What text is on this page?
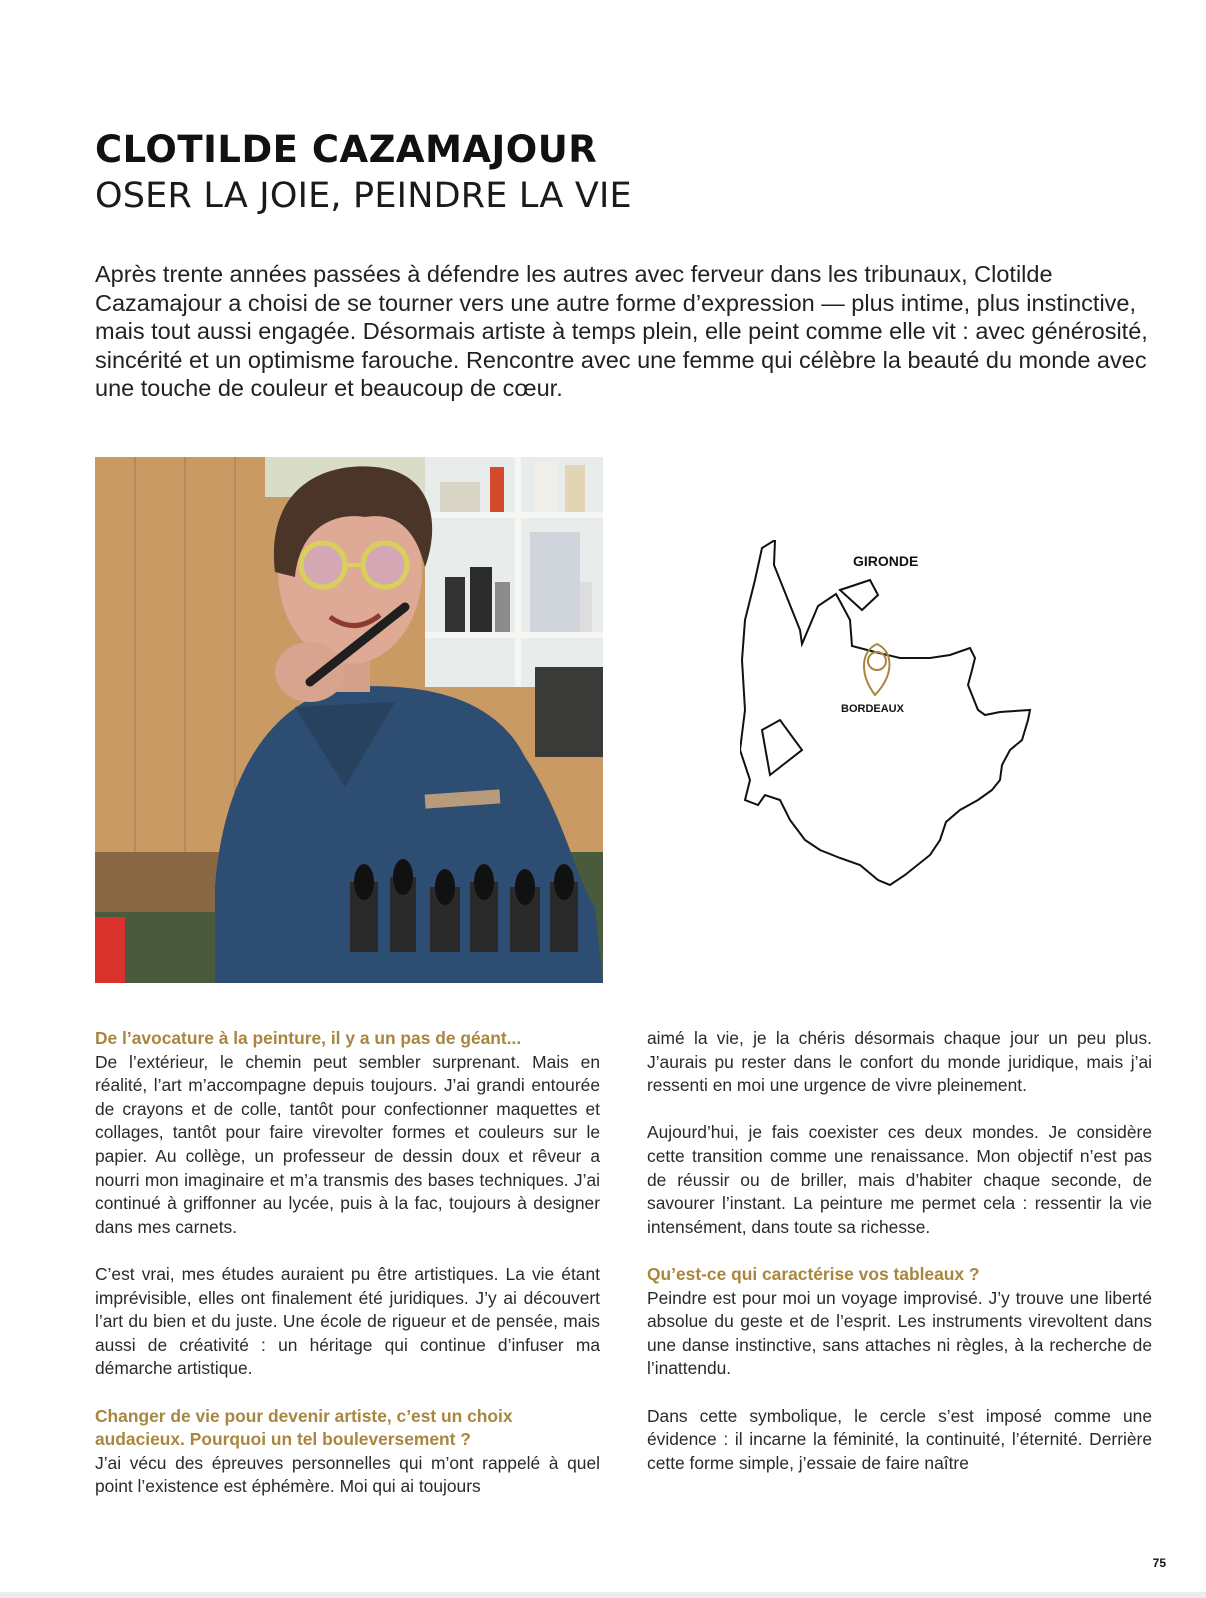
CLOTILDE CAZAMAJOUR
OSER LA JOIE, PEINDRE LA VIE

Après trente années passées à défendre les autres avec ferveur dans les tribunaux, Clotilde Cazamajour a choisi de se tourner vers une autre forme d’expression — plus intime, plus instinctive, mais tout aussi engagée. Désormais artiste à temps plein, elle peint comme elle vit : avec générosité, sincérité et un optimisme farouche. Rencontre avec une femme qui célèbre la beauté du monde avec une touche de couleur et beaucoup de cœur.

GIRONDE
BORDEAUX
De l’avocature à la peinture, il y a un pas de géant...

De l’extérieur, le chemin peut sembler surprenant. Mais en réalité, l’art m’accompagne depuis toujours. J’ai grandi entourée de crayons et de colle, tantôt pour confectionner maquettes et collages, tantôt pour faire virevolter formes et couleurs sur le papier. Au collège, un professeur de dessin doux et rêveur a nourri mon imaginaire et m’a transmis des bases techniques. J’ai continué à griffonner au lycée, puis à la fac, toujours à designer dans mes carnets.

C’est vrai, mes études auraient pu être artistiques. La vie étant imprévisible, elles ont finalement été juridiques. J’y ai découvert l’art du bien et du juste. Une école de rigueur et de pensée, mais aussi de créativité : un héritage qui continue d’infuser ma démarche artistique.

Changer de vie pour devenir artiste, c’est un choix audacieux. Pourquoi un tel bouleversement ?

J’ai vécu des épreuves personnelles qui m’ont rappelé à quel point l’existence est éphémère. Moi qui ai toujours

aimé la vie, je la chéris désormais chaque jour un peu plus. J’aurais pu rester dans le confort du monde juridique, mais j’ai ressenti en moi une urgence de vivre pleinement.

Aujourd’hui, je fais coexister ces deux mondes. Je considère cette transition comme une renaissance. Mon objectif n’est pas de réussir ou de briller, mais d’habiter chaque seconde, de savourer l’instant. La peinture me permet cela : ressentir la vie intensément, dans toute sa richesse.

Qu’est-ce qui caractérise vos tableaux ?

Peindre est pour moi un voyage improvisé. J’y trouve une liberté absolue du geste et de l’esprit. Les instruments virevoltent dans une danse instinctive, sans attaches ni règles, à la recherche de l’inattendu.

Dans cette symbolique, le cercle s’est imposé comme une évidence : il incarne la féminité, la continuité, l’éternité. Derrière cette forme simple, j’essaie de faire naître

75
